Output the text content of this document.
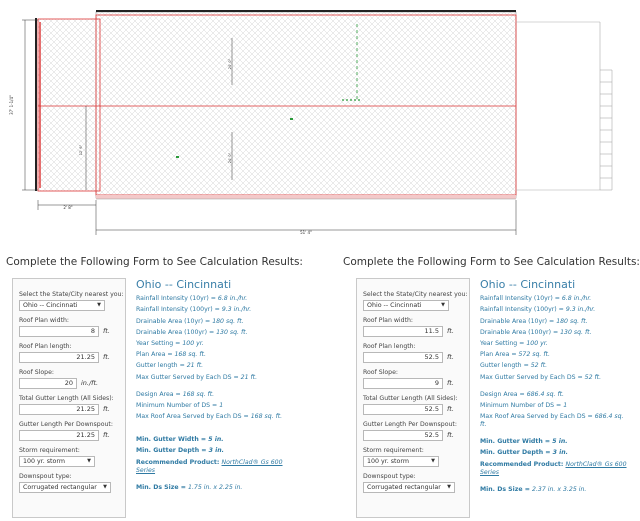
24' 0"
24' 0"
37' 1-1/4"
12' 6"
2' 8"
51' 4"
Complete the Following Form to See Calculation Results:	Complete the Following Form to See Calculation Results:
Select the State/City nearest you:
Ohio -- Cincinnati	▼
Roof Plan width:
8	ft.
Roof Plan length:
21.25	ft.
Roof Slope:
20	in./ft.
Total Gutter Length (All Sides):
21.25	ft.
Gutter Length Per Downspout:
21.25	ft.
Storm requirement:
100 yr. storm	▼
Downspout type:
Corrugated rectangular ▼
Ohio -- Cincinnati
Rainfall Intensity (10yr) = 6.8 in./hr.
Rainfall Intensity (100yr) = 9.3 in./hr.
Drainable Area (10yr) = 180 sq. ft.
Drainable Area (100yr) = 130 sq. ft.
Year Setting = 100 yr.
Plan Area = 168 sq. ft.
Gutter length = 21 ft.
Max Gutter Served by Each DS = 21 ft.
Design Area = 168 sq. ft.
Minimum Number of DS = 1
Max Roof Area Served by Each DS = 168 sq. ft.
Min. Gutter Width = 5 in.
Min. Gutter Depth = 3 in.
Recommended Product: NorthClad® Gs 600
Series
Min. Ds Size = 1.75 in. x 2.25 in.
Select the State/City nearest you:
Ohio -- Cincinnati	▼
Roof Plan width:
11.5	ft.
Roof Plan length:
52.5	ft.
Roof Slope:
9	ft.
Total Gutter Length (All Sides):
52.5	ft.
Gutter Length Per Downspout:
52.5	ft.
Storm requirement:
100 yr. storm	▼
Downspout type:
Corrugated rectangular ▼
Ohio -- Cincinnati
Rainfall Intensity (10yr) = 6.8 in./hr.
Rainfall Intensity (100yr) = 9.3 in./hr.
Drainable Area (10yr) = 180 sq. ft.
Drainable Area (100yr) = 130 sq. ft.
Year Setting = 100 yr.
Plan Area = 572 sq. ft.
Gutter length = 52 ft.
Max Gutter Served by Each DS = 52 ft.
Design Area = 686.4 sq. ft.
Minimum Number of DS = 1
Max Roof Area Served by Each DS = 686.4 sq.
ft.
Min. Gutter Width = 5 in.
Min. Gutter Depth = 3 in.
Recommended Product: NorthClad® Gs 600
Series
Min. Ds Size = 2.37 in. x 3.25 in.
